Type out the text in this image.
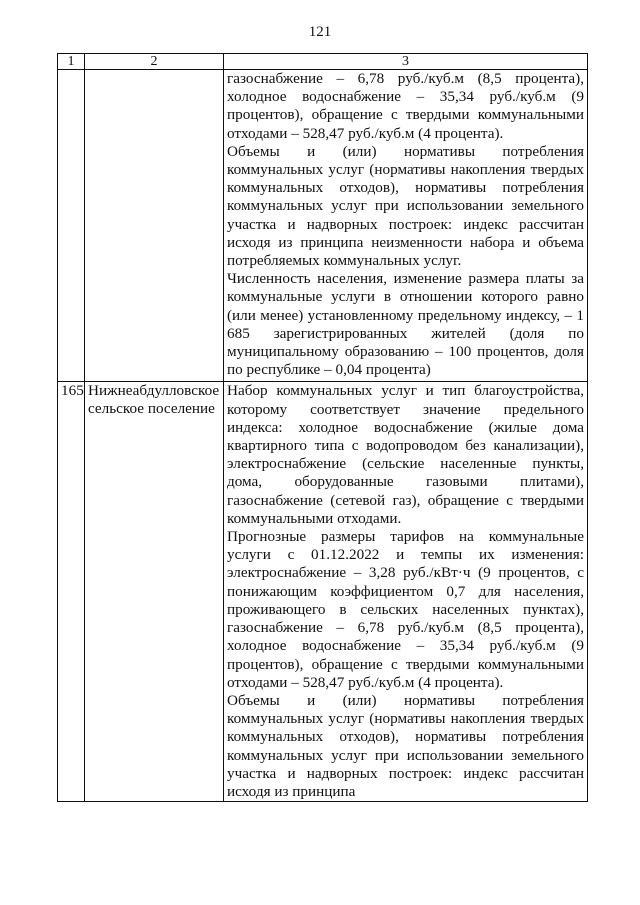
121
1	2	3

		газоснабжение – 6,78 руб./куб.м (8,5 процента), холодное водоснабжение – 35,34 руб./куб.м (9 процентов), обращение с твердыми коммунальными отходами – 528,47 руб./куб.м (4 процента).

Объемы и (или) нормативы потребления коммунальных услуг (нормативы накопления твердых коммунальных отходов), нормативы потребления коммунальных услуг при использовании земельного участка и надворных построек: индекс рассчитан исходя из принципа неизменности набора и объема потребляемых коммунальных услуг.

Численность населения, изменение размера платы за коммунальные услуги в отношении которого равно (или менее) установленному предельному индексу, – 1 685 зарегистрированных жителей (доля по муниципальному образованию – 100 процентов, доля по республике – 0,04 процента)

165	Нижнеабдулловское сельское поселение	Набор коммунальных услуг и тип благоустройства, которому соответствует значение предельного индекса: холодное водоснабжение (жилые дома квартирного типа с водопроводом без канализации), электроснабжение (сельские населенные пункты, дома, оборудованные газовыми плитами), газоснабжение (сетевой газ), обращение с твердыми коммунальными отходами.

Прогнозные размеры тарифов на коммунальные услуги с 01.12.2022 и темпы их изменения: электроснабжение – 3,28 руб./кВт·ч (9 процентов, с понижающим коэффициентом 0,7 для населения, проживающего в сельских населенных пунктах), газоснабжение – 6,78 руб./куб.м (8,5 процента), холодное водоснабжение – 35,34 руб./куб.м (9 процентов), обращение с твердыми коммунальными отходами – 528,47 руб./куб.м (4 процента).

Объемы и (или) нормативы потребления коммунальных услуг (нормативы накопления твердых коммунальных отходов), нормативы потребления коммунальных услуг при использовании земельного участка и надворных построек: индекс рассчитан исходя из принципа
